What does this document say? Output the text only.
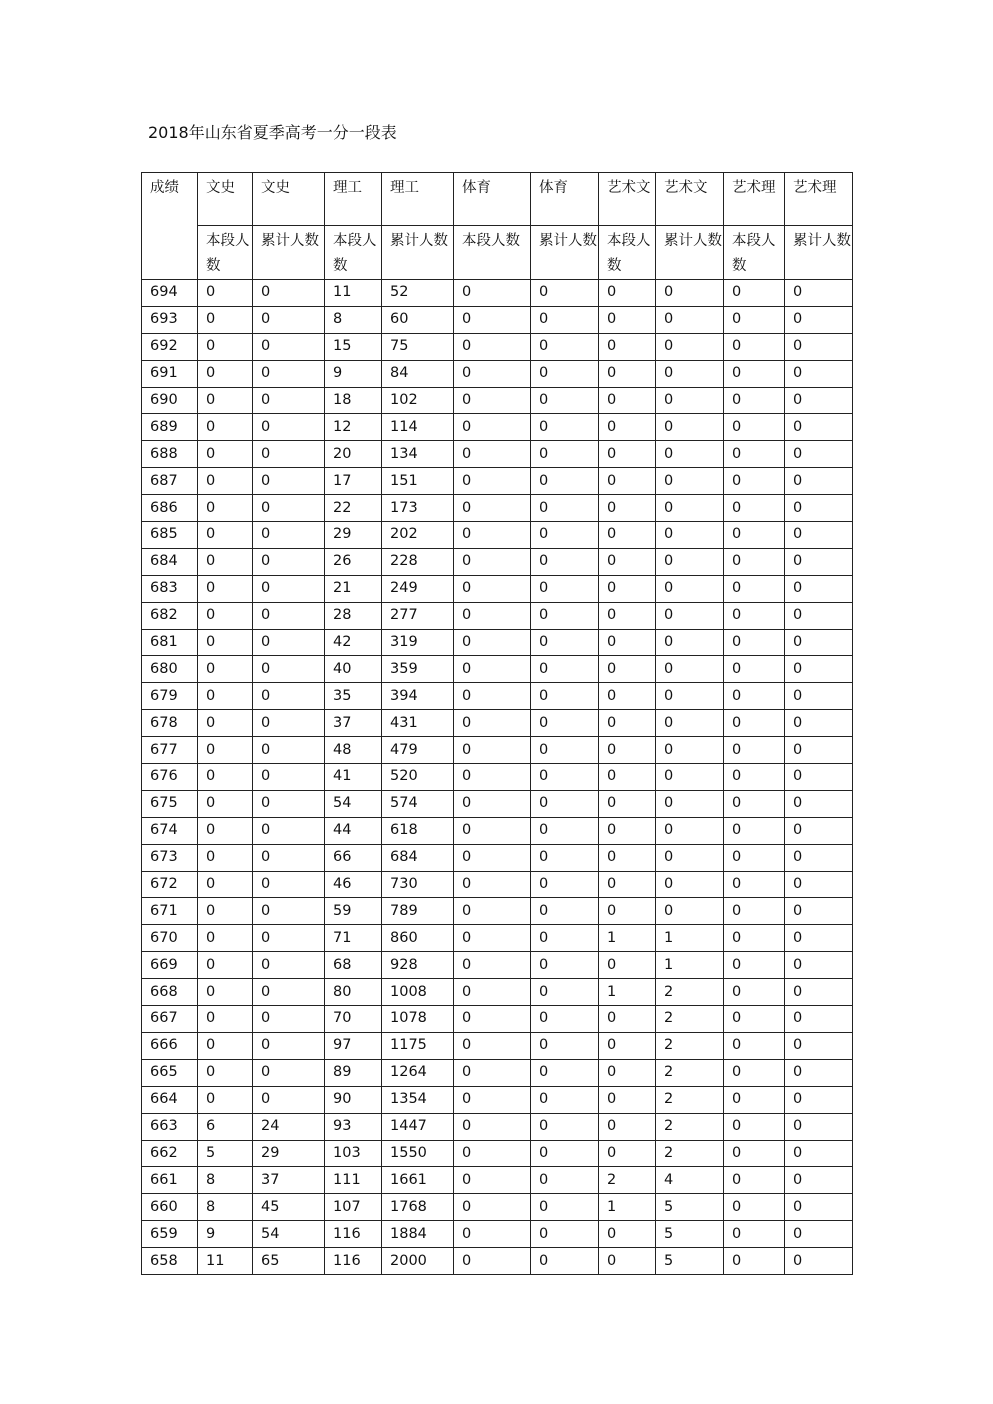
2018年山东省夏季高考一分一段表
成绩	文史	文史	理工	理工	体育	体育	艺术文	艺术文	艺术理	艺术理
	本段人数	累计人数	本段人数	累计人数	本段人数	累计人数	本段人数	累计人数	本段人数	累计人数
694	0	0	11	52	0	0	0	0	0	0
693	0	0	8	60	0	0	0	0	0	0
692	0	0	15	75	0	0	0	0	0	0
691	0	0	9	84	0	0	0	0	0	0
690	0	0	18	102	0	0	0	0	0	0
689	0	0	12	114	0	0	0	0	0	0
688	0	0	20	134	0	0	0	0	0	0
687	0	0	17	151	0	0	0	0	0	0
686	0	0	22	173	0	0	0	0	0	0
685	0	0	29	202	0	0	0	0	0	0
684	0	0	26	228	0	0	0	0	0	0
683	0	0	21	249	0	0	0	0	0	0
682	0	0	28	277	0	0	0	0	0	0
681	0	0	42	319	0	0	0	0	0	0
680	0	0	40	359	0	0	0	0	0	0
679	0	0	35	394	0	0	0	0	0	0
678	0	0	37	431	0	0	0	0	0	0
677	0	0	48	479	0	0	0	0	0	0
676	0	0	41	520	0	0	0	0	0	0
675	0	0	54	574	0	0	0	0	0	0
674	0	0	44	618	0	0	0	0	0	0
673	0	0	66	684	0	0	0	0	0	0
672	0	0	46	730	0	0	0	0	0	0
671	0	0	59	789	0	0	0	0	0	0
670	0	0	71	860	0	0	1	1	0	0
669	0	0	68	928	0	0	0	1	0	0
668	0	0	80	1008	0	0	1	2	0	0
667	0	0	70	1078	0	0	0	2	0	0
666	0	0	97	1175	0	0	0	2	0	0
665	0	0	89	1264	0	0	0	2	0	0
664	0	0	90	1354	0	0	0	2	0	0
663	6	24	93	1447	0	0	0	2	0	0
662	5	29	103	1550	0	0	0	2	0	0
661	8	37	111	1661	0	0	2	4	0	0
660	8	45	107	1768	0	0	1	5	0	0
659	9	54	116	1884	0	0	0	5	0	0
658	11	65	116	2000	0	0	0	5	0	0
